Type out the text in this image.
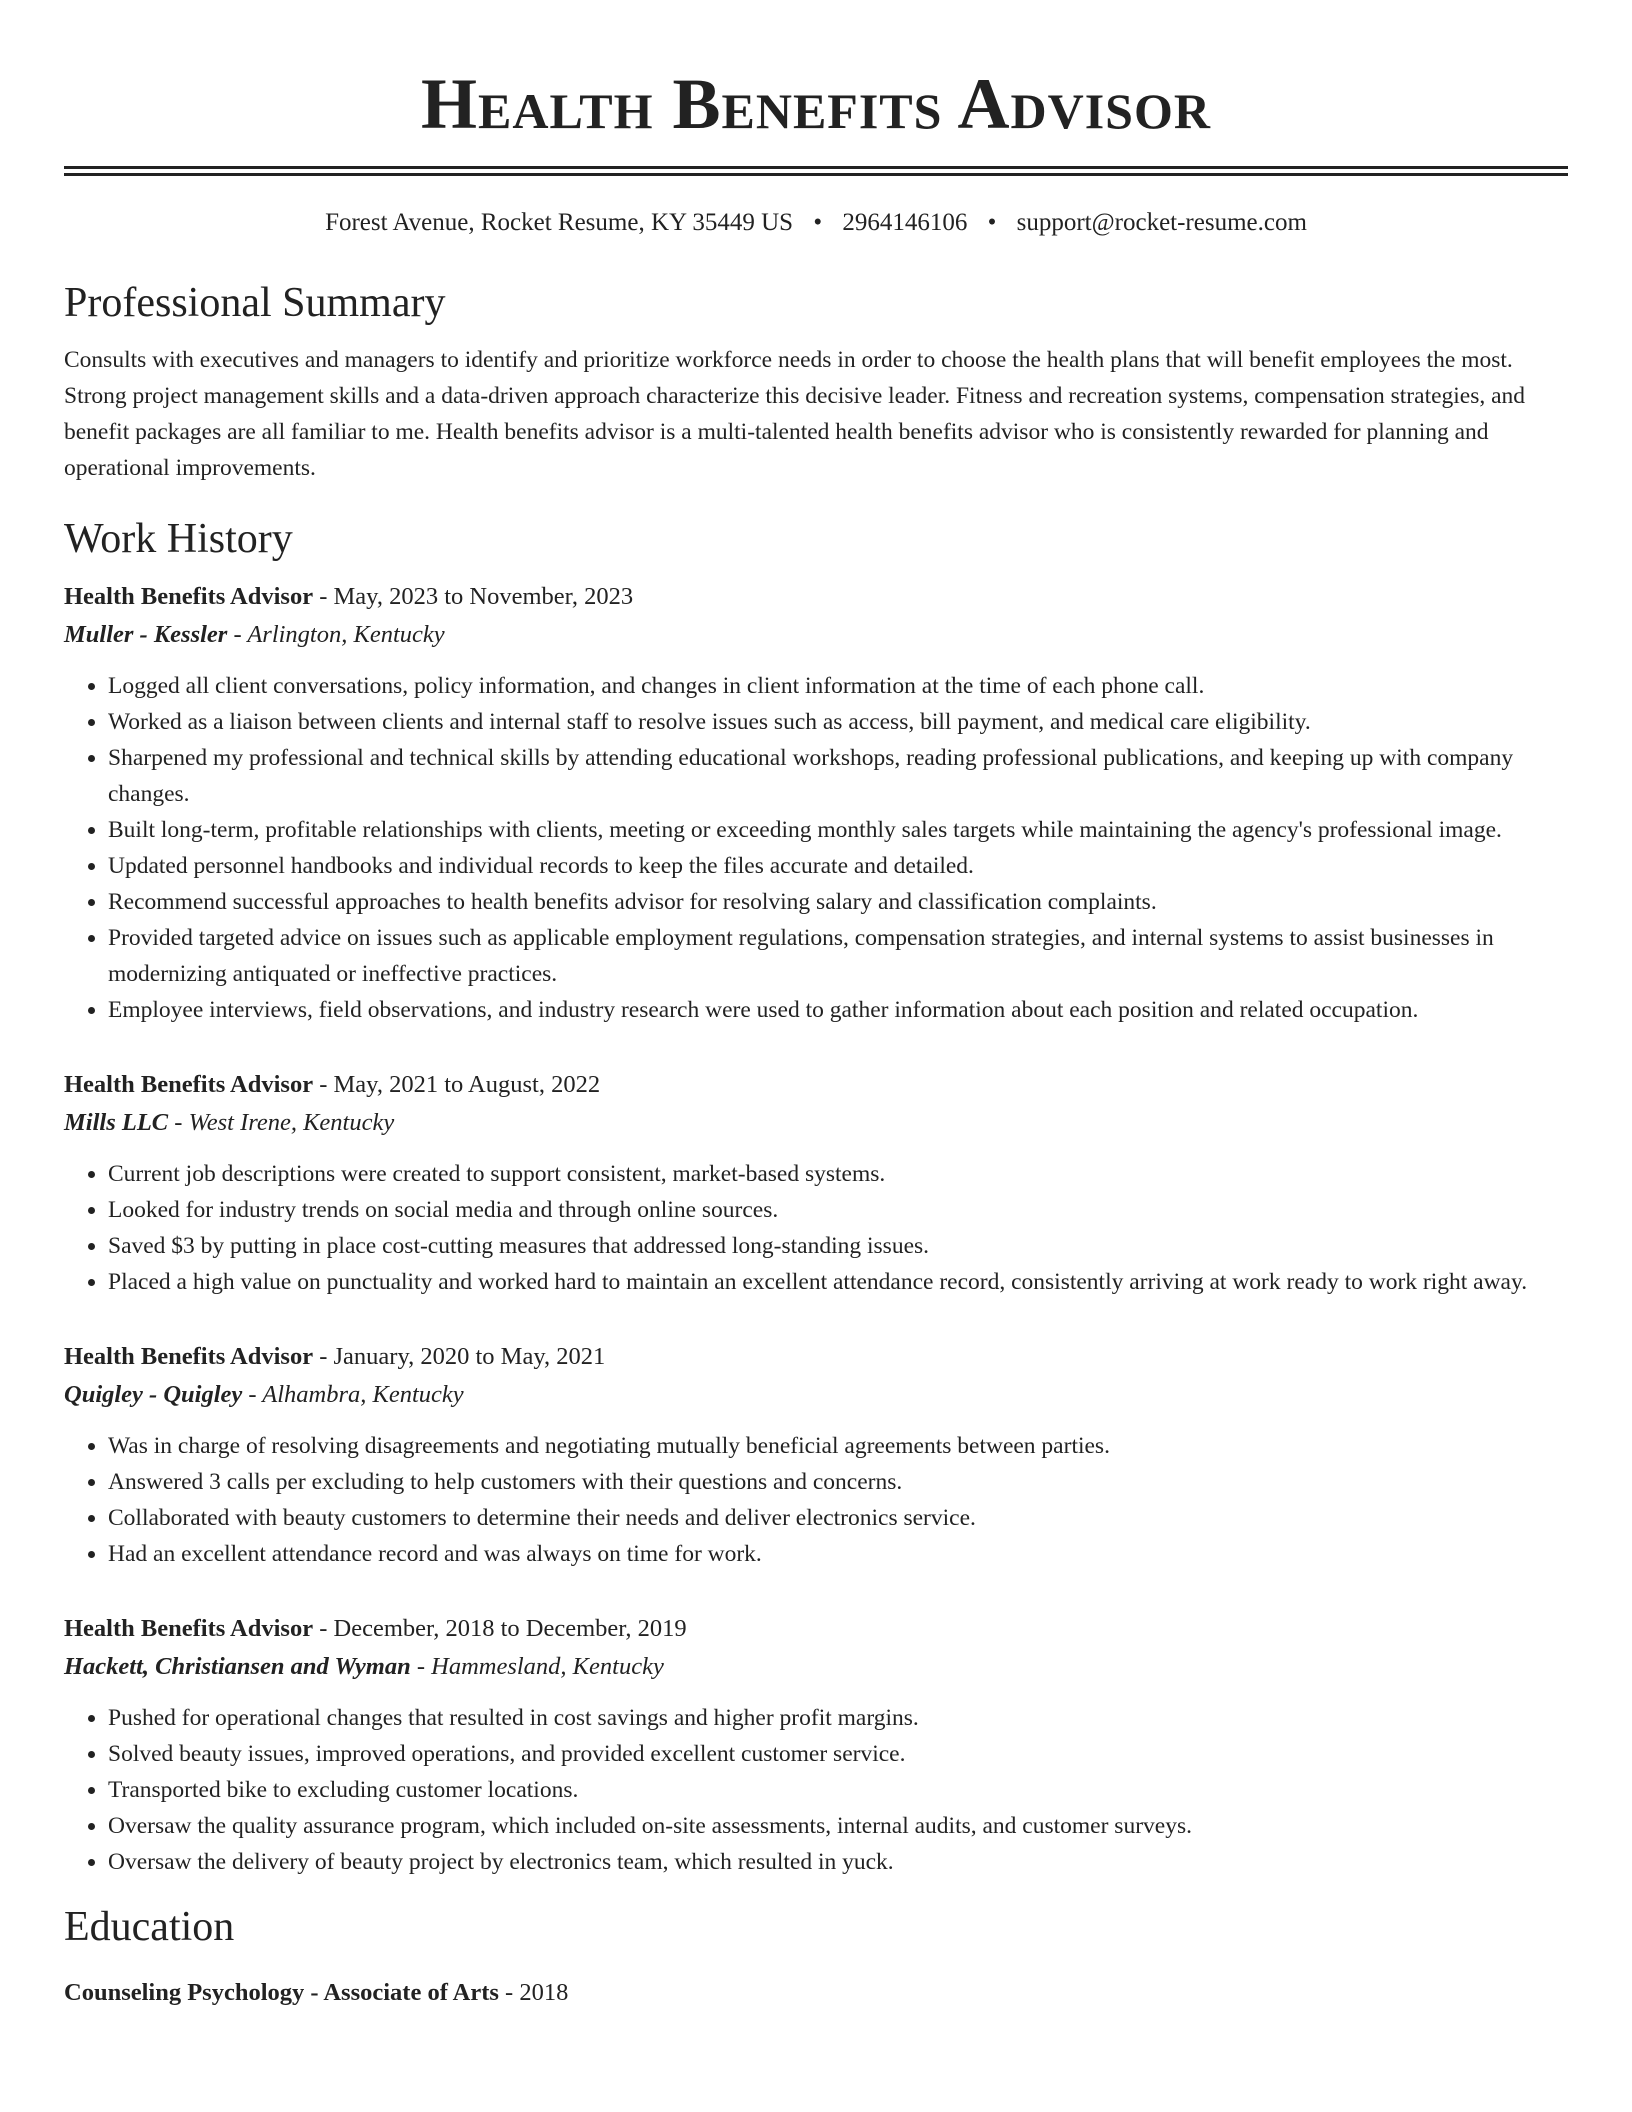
Health Benefits Advisor
Forest Avenue, Rocket Resume, KY 35449 US • 2964146106 • support@rocket-resume.com
Professional Summary
Consults with executives and managers to identify and prioritize workforce needs in order to choose the health plans that will benefit employees the most. Strong project management skills and a data-driven approach characterize this decisive leader. Fitness and recreation systems, compensation strategies, and benefit packages are all familiar to me. Health benefits advisor is a multi-talented health benefits advisor who is consistently rewarded for planning and operational improvements.
Work History
Health Benefits Advisor - May, 2023 to November, 2023
Muller - Kessler - Arlington, Kentucky
• Logged all client conversations, policy information, and changes in client information at the time of each phone call.
• Worked as a liaison between clients and internal staff to resolve issues such as access, bill payment, and medical care eligibility.
• Sharpened my professional and technical skills by attending educational workshops, reading professional publications, and keeping up with company changes.
• Built long-term, profitable relationships with clients, meeting or exceeding monthly sales targets while maintaining the agency's professional image.
• Updated personnel handbooks and individual records to keep the files accurate and detailed.
• Recommend successful approaches to health benefits advisor for resolving salary and classification complaints.
• Provided targeted advice on issues such as applicable employment regulations, compensation strategies, and internal systems to assist businesses in modernizing antiquated or ineffective practices.
• Employee interviews, field observations, and industry research were used to gather information about each position and related occupation.
Health Benefits Advisor - May, 2021 to August, 2022
Mills LLC - West Irene, Kentucky
• Current job descriptions were created to support consistent, market-based systems.
• Looked for industry trends on social media and through online sources.
• Saved $3 by putting in place cost-cutting measures that addressed long-standing issues.
• Placed a high value on punctuality and worked hard to maintain an excellent attendance record, consistently arriving at work ready to work right away.
Health Benefits Advisor - January, 2020 to May, 2021
Quigley - Quigley - Alhambra, Kentucky
• Was in charge of resolving disagreements and negotiating mutually beneficial agreements between parties.
• Answered 3 calls per excluding to help customers with their questions and concerns.
• Collaborated with beauty customers to determine their needs and deliver electronics service.
• Had an excellent attendance record and was always on time for work.
Health Benefits Advisor - December, 2018 to December, 2019
Hackett, Christiansen and Wyman - Hammesland, Kentucky
• Pushed for operational changes that resulted in cost savings and higher profit margins.
• Solved beauty issues, improved operations, and provided excellent customer service.
• Transported bike to excluding customer locations.
• Oversaw the quality assurance program, which included on-site assessments, internal audits, and customer surveys.
• Oversaw the delivery of beauty project by electronics team, which resulted in yuck.
Education
Counseling Psychology - Associate of Arts - 2018
